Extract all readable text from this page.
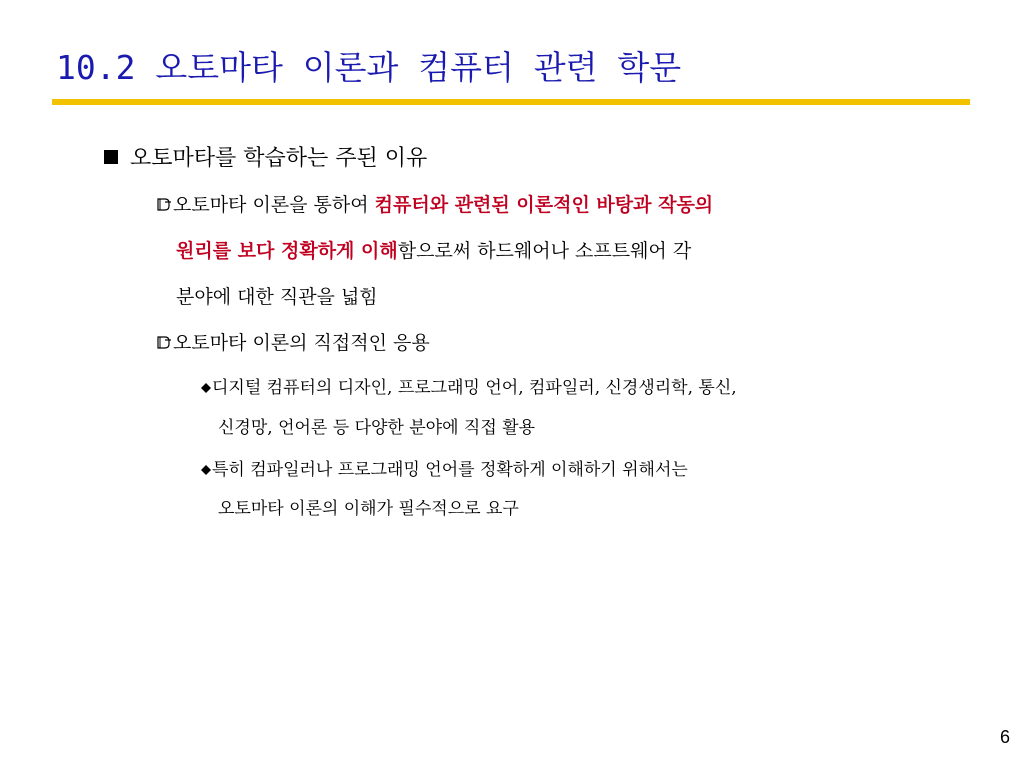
10.2 오토마타 이론과 컴퓨터 관련 학문
오토마타를 학습하는 주된 이유
오토마타 이론을 통하여 컴퓨터와 관련된 이론적인 바탕과 작동의
원리를 보다 정확하게 이해함으로써 하드웨어나 소프트웨어 각
분야에 대한 직관을 넓힘
오토마타 이론의 직접적인 응용
디지털 컴퓨터의 디자인, 프로그래밍 언어, 컴파일러, 신경생리학, 통신,
신경망, 언어론 등 다양한 분야에 직접 활용
특히 컴파일러나 프로그래밍 언어를 정확하게 이해하기 위해서는
오토마타 이론의 이해가 필수적으로 요구
6
